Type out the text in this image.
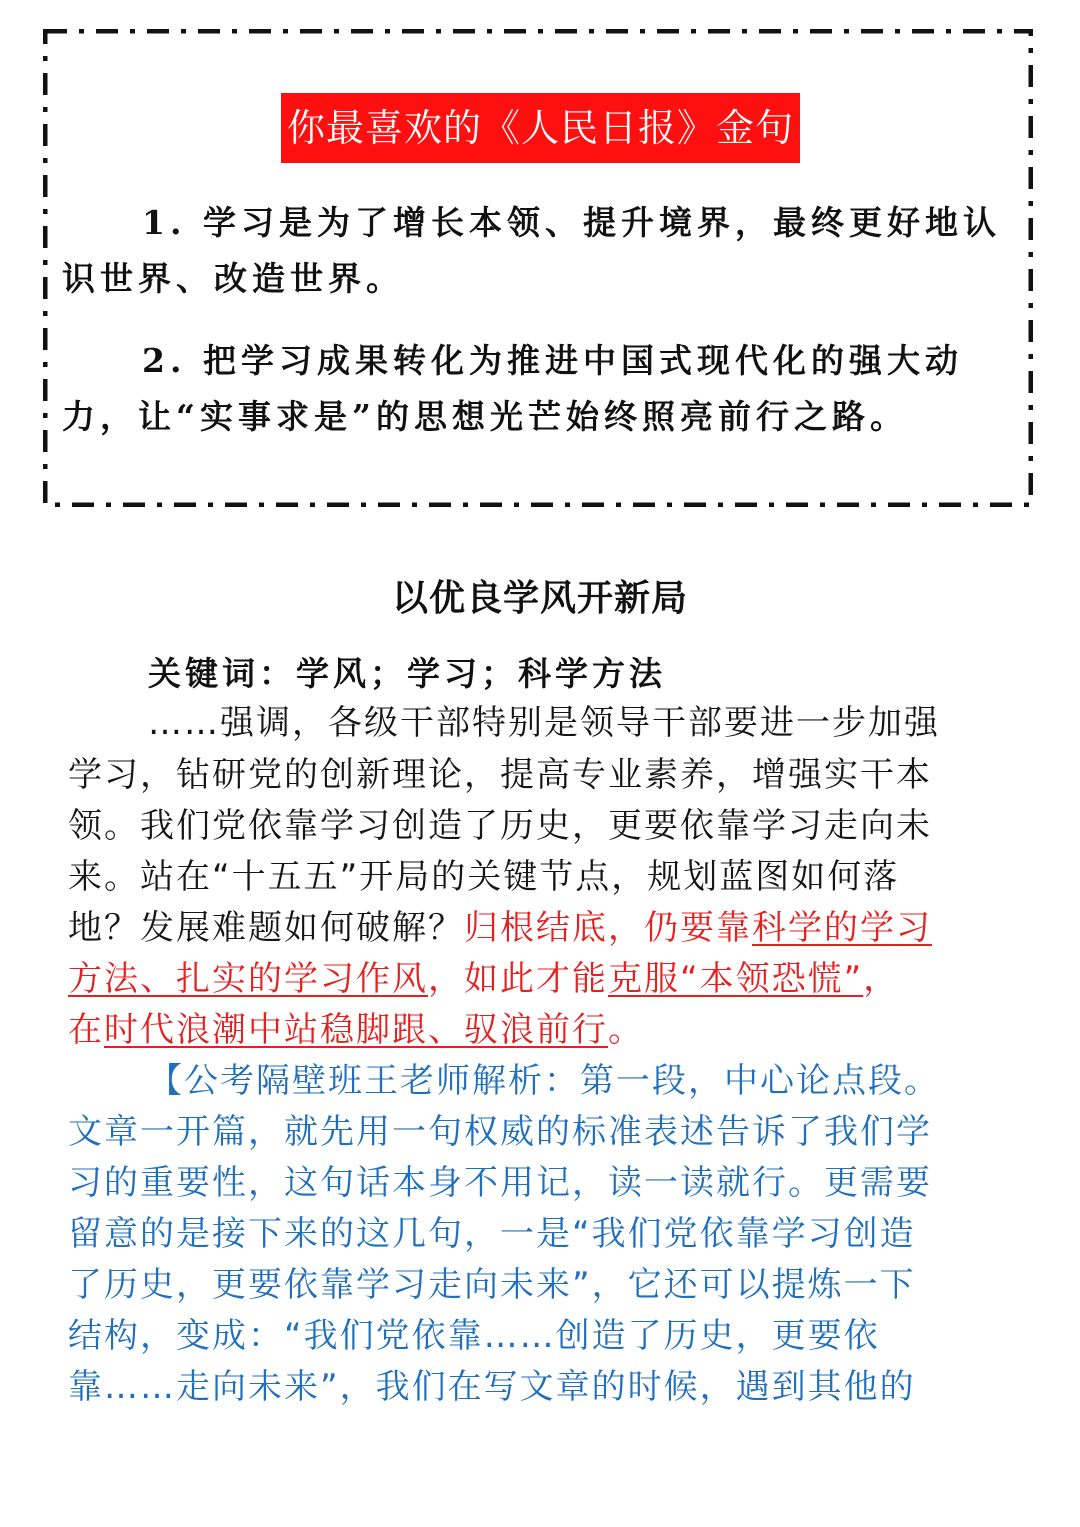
你最喜欢的《人民日报》金句
1. 学习是为了增长本领、提升境界，最终更好地认
识世界、改造世界。
2. 把学习成果转化为推进中国式现代化的强大动
力，让“实事求是”的思想光芒始终照亮前行之路。
以优良学风开新局
关键词：学风；学习；科学方法
……强调，各级干部特别是领导干部要进一步加强
学习，钻研党的创新理论，提高专业素养，增强实干本
领。我们党依靠学习创造了历史，更要依靠学习走向未
来。站在“十五五”开局的关键节点，规划蓝图如何落
地？发展难题如何破解？归根结底，仍要靠科学的学习
方法、扎实的学习作风，如此才能克服“本领恐慌”，
在时代浪潮中站稳脚跟、驭浪前行。
【公考隔壁班王老师解析：第一段，中心论点段。
文章一开篇，就先用一句权威的标准表述告诉了我们学
习的重要性，这句话本身不用记，读一读就行。更需要
留意的是接下来的这几句，一是“我们党依靠学习创造
了历史，更要依靠学习走向未来”，它还可以提炼一下
结构，变成：“我们党依靠……创造了历史，更要依
靠……走向未来”，我们在写文章的时候，遇到其他的
